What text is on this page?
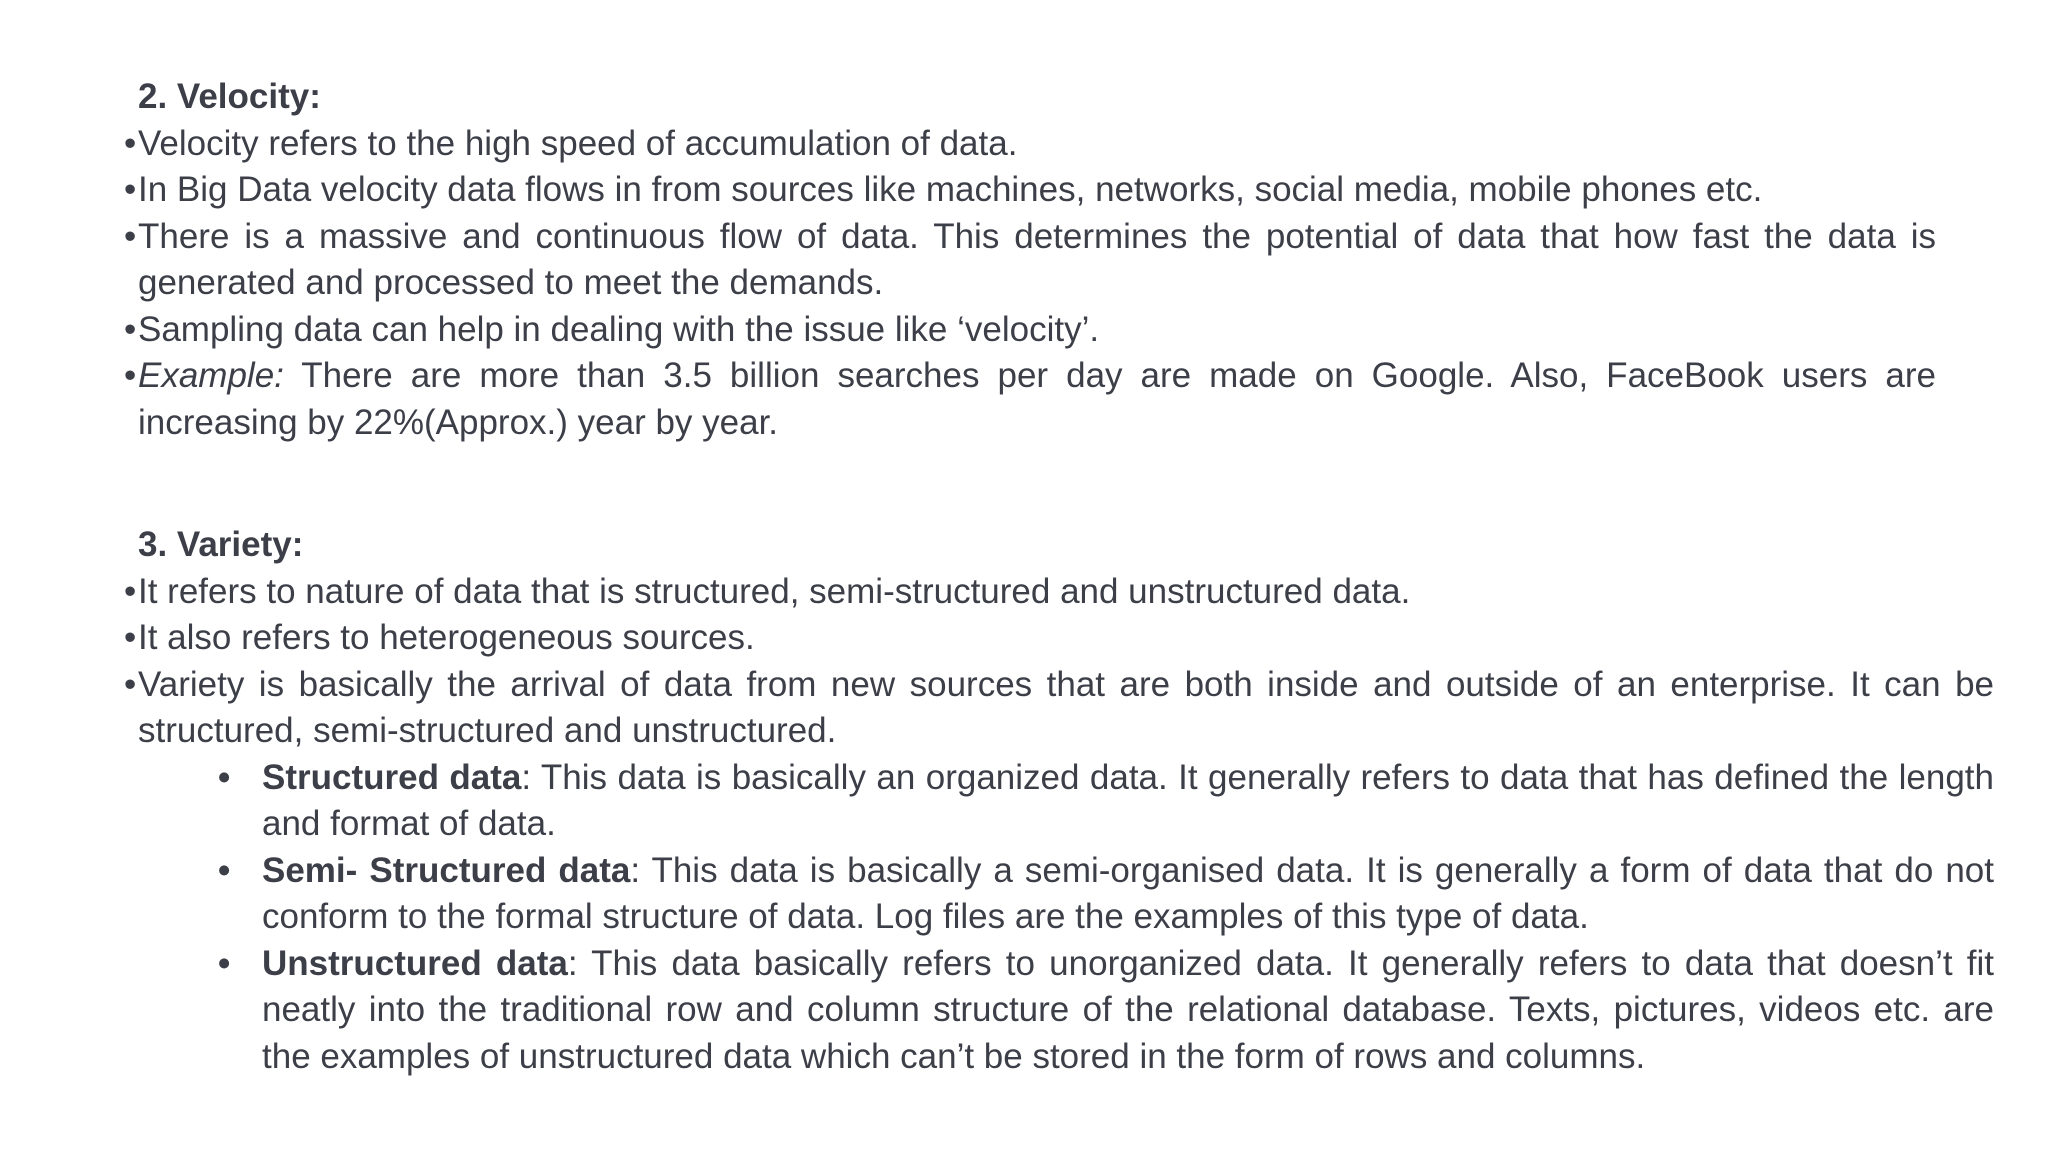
2. Velocity:
• Velocity refers to the high speed of accumulation of data.
• In Big Data velocity data flows in from sources like machines, networks, social media, mobile phones etc.
• There is a massive and continuous flow of data. This determines the potential of data that how fast the data is generated and processed to meet the demands.
• Sampling data can help in dealing with the issue like ‘velocity’.
• Example: There are more than 3.5 billion searches per day are made on Google. Also, FaceBook users are increasing by 22%(Approx.) year by year.
3. Variety:
• It refers to nature of data that is structured, semi-structured and unstructured data.
• It also refers to heterogeneous sources.
• Variety is basically the arrival of data from new sources that are both inside and outside of an enterprise. It can be structured, semi-structured and unstructured.
• Structured data: This data is basically an organized data. It generally refers to data that has defined the length and format of data.
• Semi- Structured data: This data is basically a semi-organised data. It is generally a form of data that do not conform to the formal structure of data. Log files are the examples of this type of data.
• Unstructured data: This data basically refers to unorganized data. It generally refers to data that doesn’t fit neatly into the traditional row and column structure of the relational database. Texts, pictures, videos etc. are the examples of unstructured data which can’t be stored in the form of rows and columns.
